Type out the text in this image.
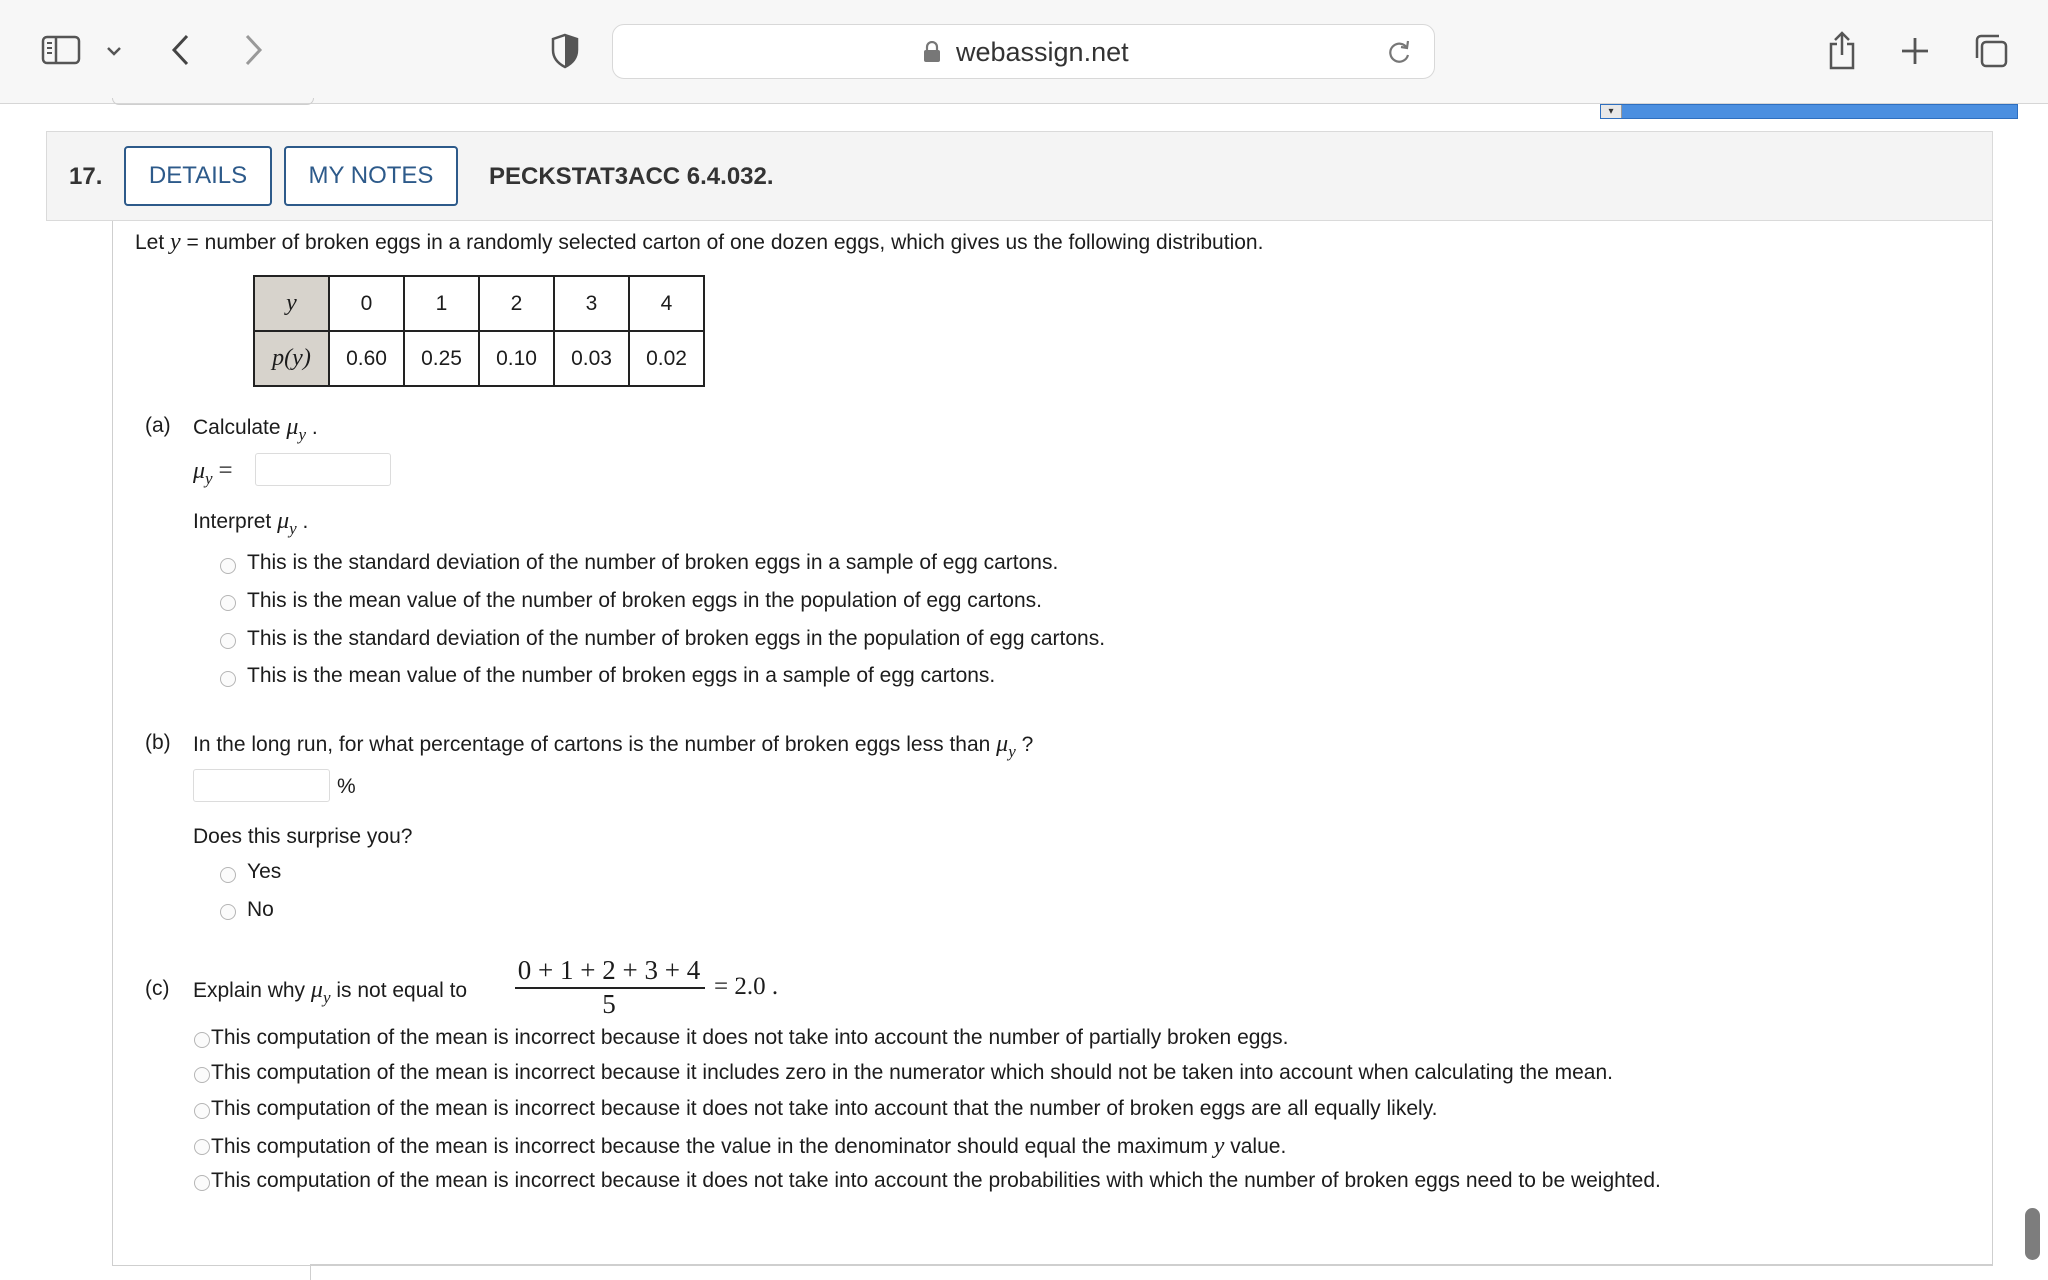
webassign.net
▾
17.	DETAILS	MY NOTES	PECKSTAT3ACC 6.4.032.
Let y = number of broken eggs in a randomly selected carton of one dozen eggs, which gives us the following distribution.
y	0	1	2	3	4
p(y)	0.60	0.25	0.10	0.03	0.02
(a) Calculate $\mu_y$ .
$\mu_y$ =
Interpret $\mu_y$ .
This is the standard deviation of the number of broken eggs in a sample of egg cartons.
This is the mean value of the number of broken eggs in the population of egg cartons.
This is the standard deviation of the number of broken eggs in the population of egg cartons.
This is the mean value of the number of broken eggs in a sample of egg cartons.
(b) In the long run, for what percentage of cartons is the number of broken eggs less than $\mu_y$ ?
%
Does this surprise you?
Yes
No
(c) Explain why $\mu_y$ is not equal to
0 + 1 + 2 + 3 + 4
5
= 2.0 .
This computation of the mean is incorrect because it does not take into account the number of partially broken eggs.
This computation of the mean is incorrect because it includes zero in the numerator which should not be taken into account when calculating the mean.
This computation of the mean is incorrect because it does not take into account that the number of broken eggs are all equally likely.
This computation of the mean is incorrect because the value in the denominator should equal the maximum y value.
This computation of the mean is incorrect because it does not take into account the probabilities with which the number of broken eggs need to be weighted.
